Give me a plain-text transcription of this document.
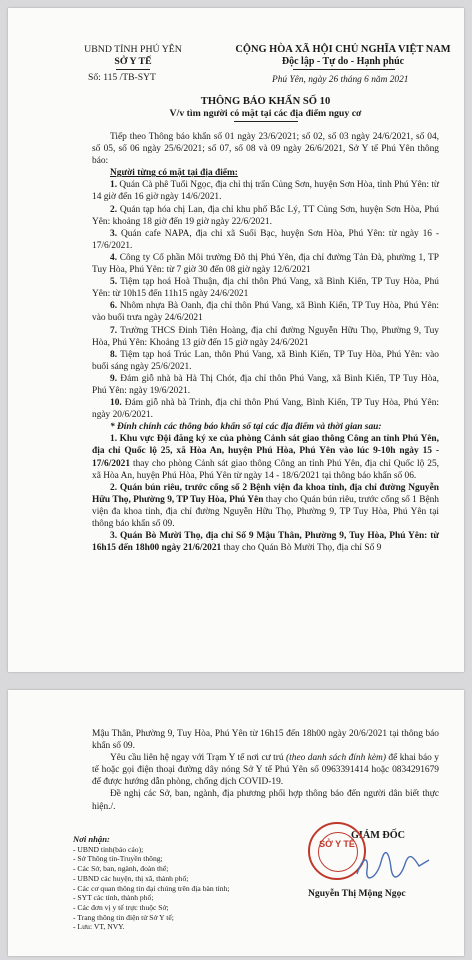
UBND TỈNH PHÚ YÊN
SỞ Y TẾ
Số: 115 /TB-SYT
CỘNG HÒA XÃ HỘI CHỦ NGHĨA VIỆT NAM
Độc lập - Tự do - Hạnh phúc
Phú Yên, ngày 26 tháng 6 năm 2021
THÔNG BÁO KHẨN SỐ 10
V/v tìm người có mặt tại các địa điểm nguy cơ

Tiếp theo Thông báo khẩn số 01 ngày 23/6/2021; số 02, số 03 ngày 24/6/2021, số 04, số 05, số 06 ngày 25/6/2021; số 07, số 08 và 09 ngày 26/6/2021, Sở Y tế Phú Yên thông báo:

Người từng có mặt tại địa điểm:

1. Quán Cà phê Tuổi Ngọc, địa chỉ thị trấn Củng Sơn, huyện Sơn Hòa, tỉnh Phú Yên: từ 14 giờ đến 16 giờ ngày 14/6/2021.

2. Quán tạp hóa chị Lan, địa chỉ khu phố Bắc Lý, TT Củng Sơn, huyện Sơn Hòa, Phú Yên: khoảng 18 giờ đến 19 giờ ngày 22/6/2021.

3. Quán cafe NAPA, địa chỉ xã Suối Bạc, huyện Sơn Hòa, Phú Yên: từ ngày 16 - 17/6/2021.

4. Công ty Cổ phần Môi trường Đô thị Phú Yên, địa chỉ đường Tản Đà, phường 1, TP Tuy Hòa, Phú Yên: từ 7 giờ 30 đến 08 giờ ngày 12/6/2021

5. Tiệm tạp hoá Hoà Thuận, địa chỉ thôn Phú Vang, xã Bình Kiến, TP Tuy Hòa, Phú Yên: từ 10h15 đến 11h15 ngày 24/6/2021

6. Nhôm nhựa Bà Oanh, địa chỉ thôn Phú Vang, xã Bình Kiến, TP Tuy Hòa, Phú Yên: vào buổi trưa ngày 24/6/2021

7. Trường THCS Đinh Tiên Hoàng, địa chỉ đường Nguyễn Hữu Thọ, Phường 9, Tuy Hòa, Phú Yên: Khoảng 13 giờ đến 15 giờ ngày 24/6/2021

8. Tiệm tạp hoá Trúc Lan, thôn Phú Vang, xã Bình Kiến, TP Tuy Hòa, Phú Yên: vào buổi sáng ngày 25/6/2021.

9. Đám giỗ nhà bà Hà Thị Chót, địa chỉ thôn Phú Vang, xã Bình Kiến, TP Tuy Hòa, Phú Yên: ngày 19/6/2021.

10. Đám giỗ nhà bà Trinh, địa chỉ thôn Phú Vang, Bình Kiến, TP Tuy Hòa, Phú Yên: ngày 20/6/2021.

* Đính chính các thông báo khẩn số tại các địa điểm và thời gian sau:

1. Khu vực Đội đăng ký xe của phòng Cảnh sát giao thông Công an tỉnh Phú Yên, địa chỉ Quốc lộ 25, xã Hòa An, huyện Phú Hòa, Phú Yên vào lúc 9-10h ngày 15 - 17/6/2021 thay cho phòng Cảnh sát giao thông Công an tỉnh Phú Yên, địa chỉ Quốc lộ 25, xã Hòa An, huyện Phú Hòa, Phú Yên từ ngày 14 - 18/6/2021 tại thông báo khẩn số 06.

2. Quán bún riêu, trước cổng số 2 Bệnh viện đa khoa tỉnh, địa chỉ đường Nguyễn Hữu Thọ, Phường 9, TP Tuy Hòa, Phú Yên thay cho Quán bún riêu, trước cổng số 1 Bệnh viện đa khoa tỉnh, địa chỉ đường Nguyễn Hữu Thọ, Phường 9, TP Tuy Hòa, Phú Yên tại thông báo khẩn số 09.

3. Quán Bò Mười Thọ, địa chỉ Số 9 Mậu Thân, Phường 9, Tuy Hòa, Phú Yên: từ 16h15 đến 18h00 ngày 21/6/2021 thay cho Quán Bò Mười Thọ, địa chỉ Số 9

Mậu Thân, Phường 9, Tuy Hòa, Phú Yên từ 16h15 đến 18h00 ngày 20/6/2021 tại thông báo khẩn số 09.

Yêu cầu liên hệ ngay với Trạm Y tế nơi cư trú (theo danh sách đính kèm) để khai báo y tế hoặc gọi điện thoại đường dây nóng Sở Y tế Phú Yên số 0963391414 hoặc 0834291679 để được hướng dẫn phòng, chống dịch COVID-19.

Đề nghị các Sở, ban, ngành, địa phương phối hợp thông báo đến người dân biết thực hiện./.

Nơi nhận:
- UBND tỉnh(báo cáo);
- Sở Thông tin-Truyền thông;
- Các Sở, ban, ngành, đoàn thể;
- UBND các huyện, thị xã, thành phố;
- Các cơ quan thông tin đại chúng trên địa bàn tỉnh;
- SYT các tỉnh, thành phố;
- Các đơn vị y tế trực thuộc Sở;
- Trang thông tin điện tử Sở Y tế;
- Lưu: VT, NVY.
GIÁM ĐỐC
SỞ Y TẾ
Nguyễn Thị Mộng Ngọc
